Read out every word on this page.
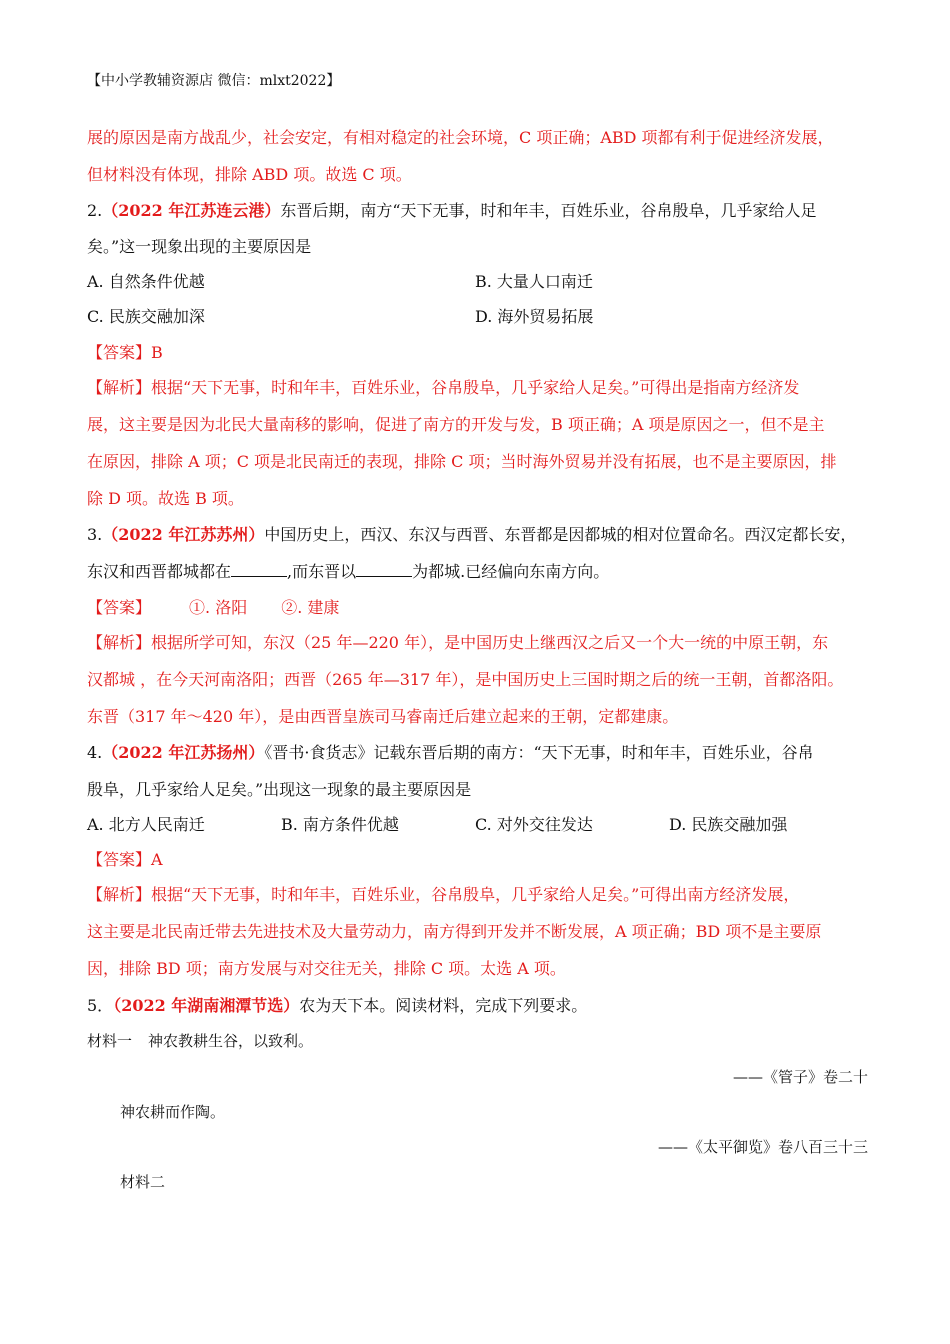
【中小学教辅资源店 微信：mlxt2022】
展的原因是南方战乱少，社会安定，有相对稳定的社会环境，C 项正确；ABD 项都有利于促进经济发展，
但材料没有体现，排除 ABD 项。故选 C 项。
2.（2022 年江苏连云港）东晋后期，南方“天下无事，时和年丰，百姓乐业，谷帛殷阜，几乎家给人足
矣。”这一现象出现的主要原因是
A. 自然条件优越	B. 大量人口南迁
C. 民族交融加深	D. 海外贸易拓展
【答案】B
【解析】根据“天下无事，时和年丰，百姓乐业，谷帛殷阜，几乎家给人足矣。”可得出是指南方经济发
展，这主要是因为北民大量南移的影响，促进了南方的开发与发，B 项正确；A 项是原因之一，但不是主
在原因，排除 A 项；C 项是北民南迁的表现，排除 C 项；当时海外贸易并没有拓展，也不是主要原因，排
除 D 项。故选 B 项。
3.（2022 年江苏苏州）中国历史上，西汉、东汉与西晋、东晋都是因都城的相对位置命名。西汉定都长安，
东汉和西晋都城都在	,而东晋以	为都城.已经偏向东南方向。
【答案】 ①. 洛阳 ②. 建康
【解析】根据所学可知，东汉（25 年—220 年），是中国历史上继西汉之后又一个大一统的中原王朝，东
汉都城 ，在今天河南洛阳；西晋（265 年—317 年），是中国历史上三国时期之后的统一王朝，首都洛阳。
东晋（317 年～420 年），是由西晋皇族司马睿南迁后建立起来的王朝，定都建康。
4.（2022 年江苏扬州）《晋书·食货志》记载东晋后期的南方：“天下无事，时和年丰，百姓乐业，谷帛
殷阜，几乎家给人足矣。”出现这一现象的最主要原因是
A. 北方人民南迁	B. 南方条件优越	C. 对外交往发达	D. 民族交融加强
【答案】A
【解析】根据“天下无事，时和年丰，百姓乐业，谷帛殷阜，几乎家给人足矣。”可得出南方经济发展，
这主要是北民南迁带去先进技术及大量劳动力，南方得到开发并不断发展，A 项正确；BD 项不是主要原
因，排除 BD 项；南方发展与对交往无关，排除 C 项。太选 A 项。
5．（2022 年湖南湘潭节选）农为天下本。阅读材料，完成下列要求。
材料一 神农教耕生谷，以致利。
——《管子》卷二十
神农耕而作陶。
——《太平御览》卷八百三十三
材料二
